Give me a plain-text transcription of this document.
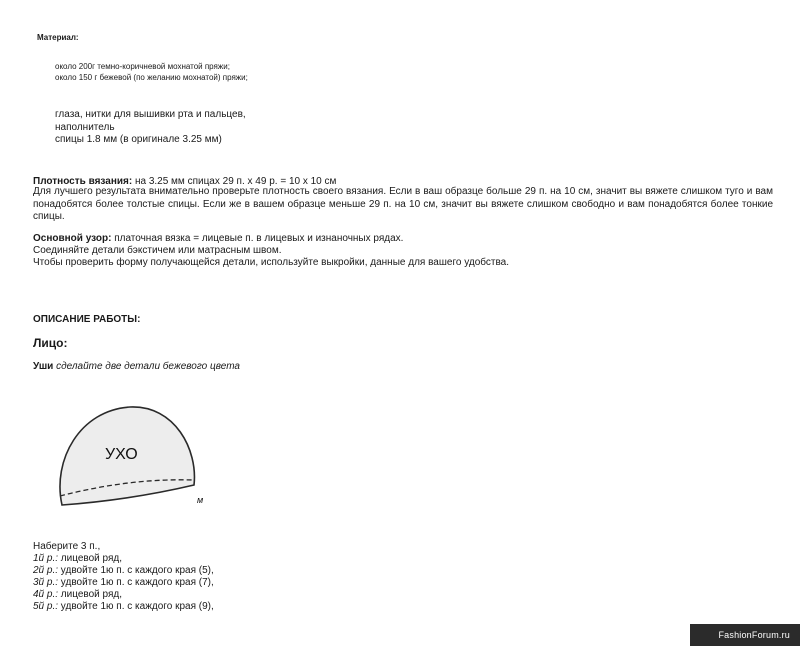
Материал:
около 200г темно-коричневой мохнатой пряжи;
около 150 г бежевой (по желанию мохнатой) пряжи;
глаза, нитки для вышивки рта и пальцев,
наполнитель
спицы 1.8 мм (в оригинале 3.25 мм)
Плотность вязания: на 3.25 мм спицах 29 п. х 49 р. = 10 х 10 см
Для лучшего результата внимательно проверьте плотность своего вязания. Если в ваш образце больше 29 п. на 10 см, значит вы вяжете слишком туго и вам понадобятся более толстые спицы. Если же в вашем образце меньше 29 п. на 10 см, значит вы вяжете слишком свободно и вам понадобятся более тонкие спицы.
Основной узор: платочная вязка = лицевые п. в лицевых и изнаночных рядах.
Соединяйте детали бэкстичем или матрасным швом.
Чтобы проверить форму получающейся детали, используйте выкройки, данные для вашего удобства.
ОПИСАНИЕ РАБОТЫ:
Лицо:
Уши сделайте две детали бежевого цвета
УХО
м
Наберите 3 п.,
1й р.: лицевой ряд,
2й р.: удвойте 1ю п. с каждого края (5),
3й р.: удвойте 1ю п. с каждого края (7),
4й р.: лицевой ряд,
5й р.: удвойте 1ю п. с каждого края (9),
FashionForum.ru
